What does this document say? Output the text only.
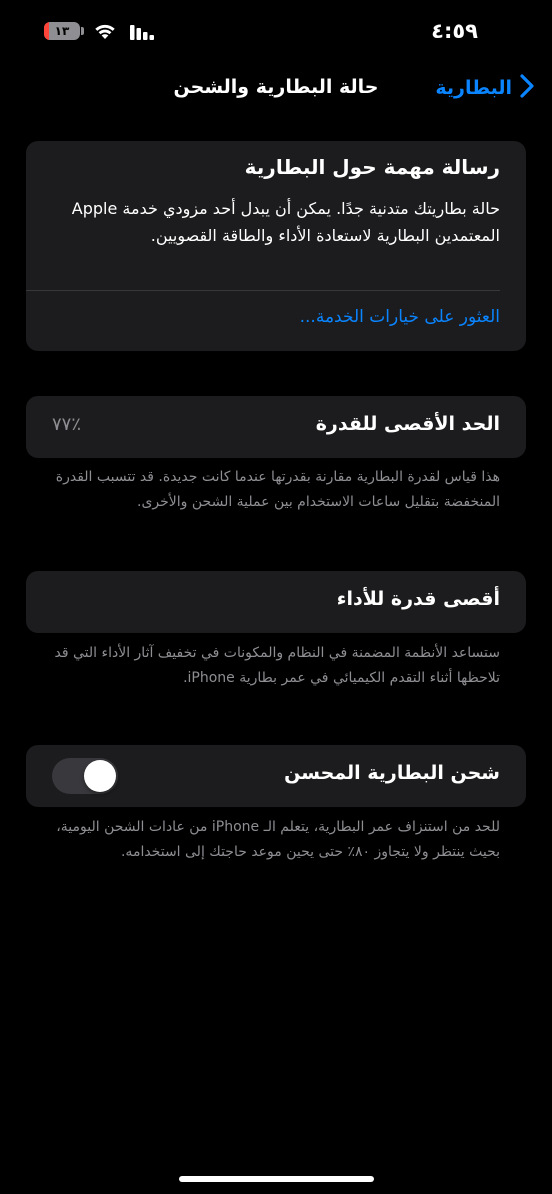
١٣	٤:٥٩
البطارية
حالة البطارية والشحن
رسالة مهمة حول البطارية
حالة بطاريتك متدنية جدًا. يمكن أن يبدل أحد مزودي خدمة Apple المعتمدين البطارية لاستعادة الأداء والطاقة القصويين.
العثور على خيارات الخدمة...
الحد الأقصى للقدرة
٪٧٧
هذا قياس لقدرة البطارية مقارنة بقدرتها عندما كانت جديدة. قد تتسبب القدرة المنخفضة بتقليل ساعات الاستخدام بين عملية الشحن والأخرى.
أقصى قدرة للأداء
ستساعد الأنظمة المضمنة في النظام والمكونات في تخفيف آثار الأداء التي قد تلاحظها أثناء التقدم الكيميائي في عمر بطارية iPhone.
شحن البطارية المحسن
للحد من استنزاف عمر البطارية، يتعلم الـ iPhone من عادات الشحن اليومية، بحيث ينتظر ولا يتجاوز ٨٠٪ حتى يحين موعد حاجتك إلى استخدامه.
